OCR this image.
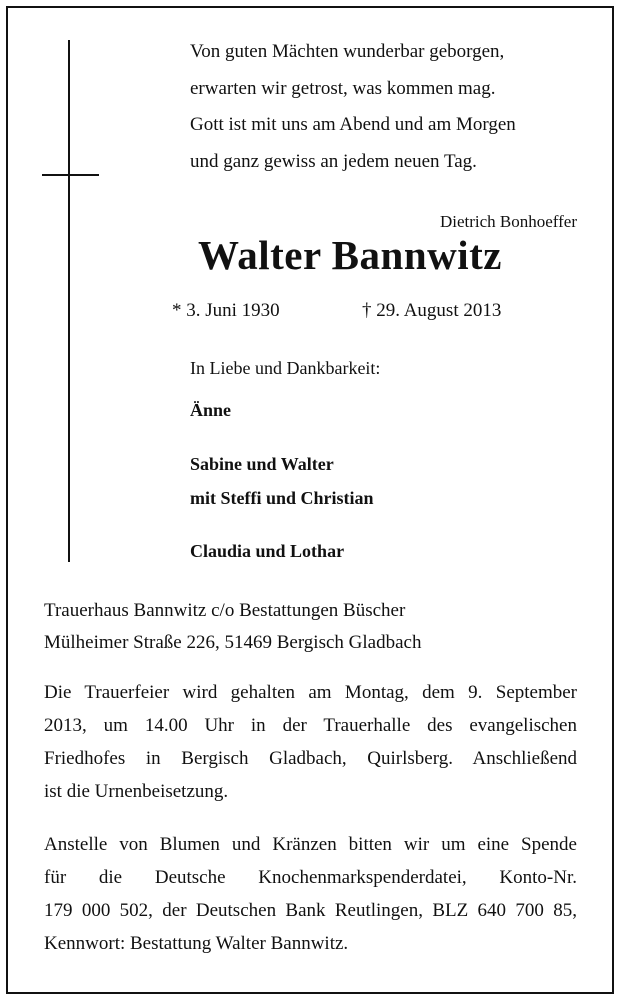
Von guten Mächten wunderbar geborgen,
erwarten wir getrost, was kommen mag.
Gott ist mit uns am Abend und am Morgen
und ganz gewiss an jedem neuen Tag.
Dietrich Bonhoeffer
Walter Bannwitz
* 3. Juni 1930	† 29. August 2013
In Liebe und Dankbarkeit:
Änne
Sabine und Walter
mit Steffi und Christian
Claudia und Lothar
Trauerhaus Bannwitz c/o Bestattungen Büscher
Mülheimer Straße 226, 51469 Bergisch Gladbach
Die Trauerfeier wird gehalten am Montag, dem 9. September
2013, um 14.00 Uhr in der Trauerhalle des evangelischen
Friedhofes in Bergisch Gladbach, Quirlsberg. Anschließend
ist die Urnenbeisetzung.
Anstelle von Blumen und Kränzen bitten wir um eine Spende
für die Deutsche Knochenmarkspenderdatei, Konto-Nr.
179 000 502, der Deutschen Bank Reutlingen, BLZ 640 700 85,
Kennwort: Bestattung Walter Bannwitz.
